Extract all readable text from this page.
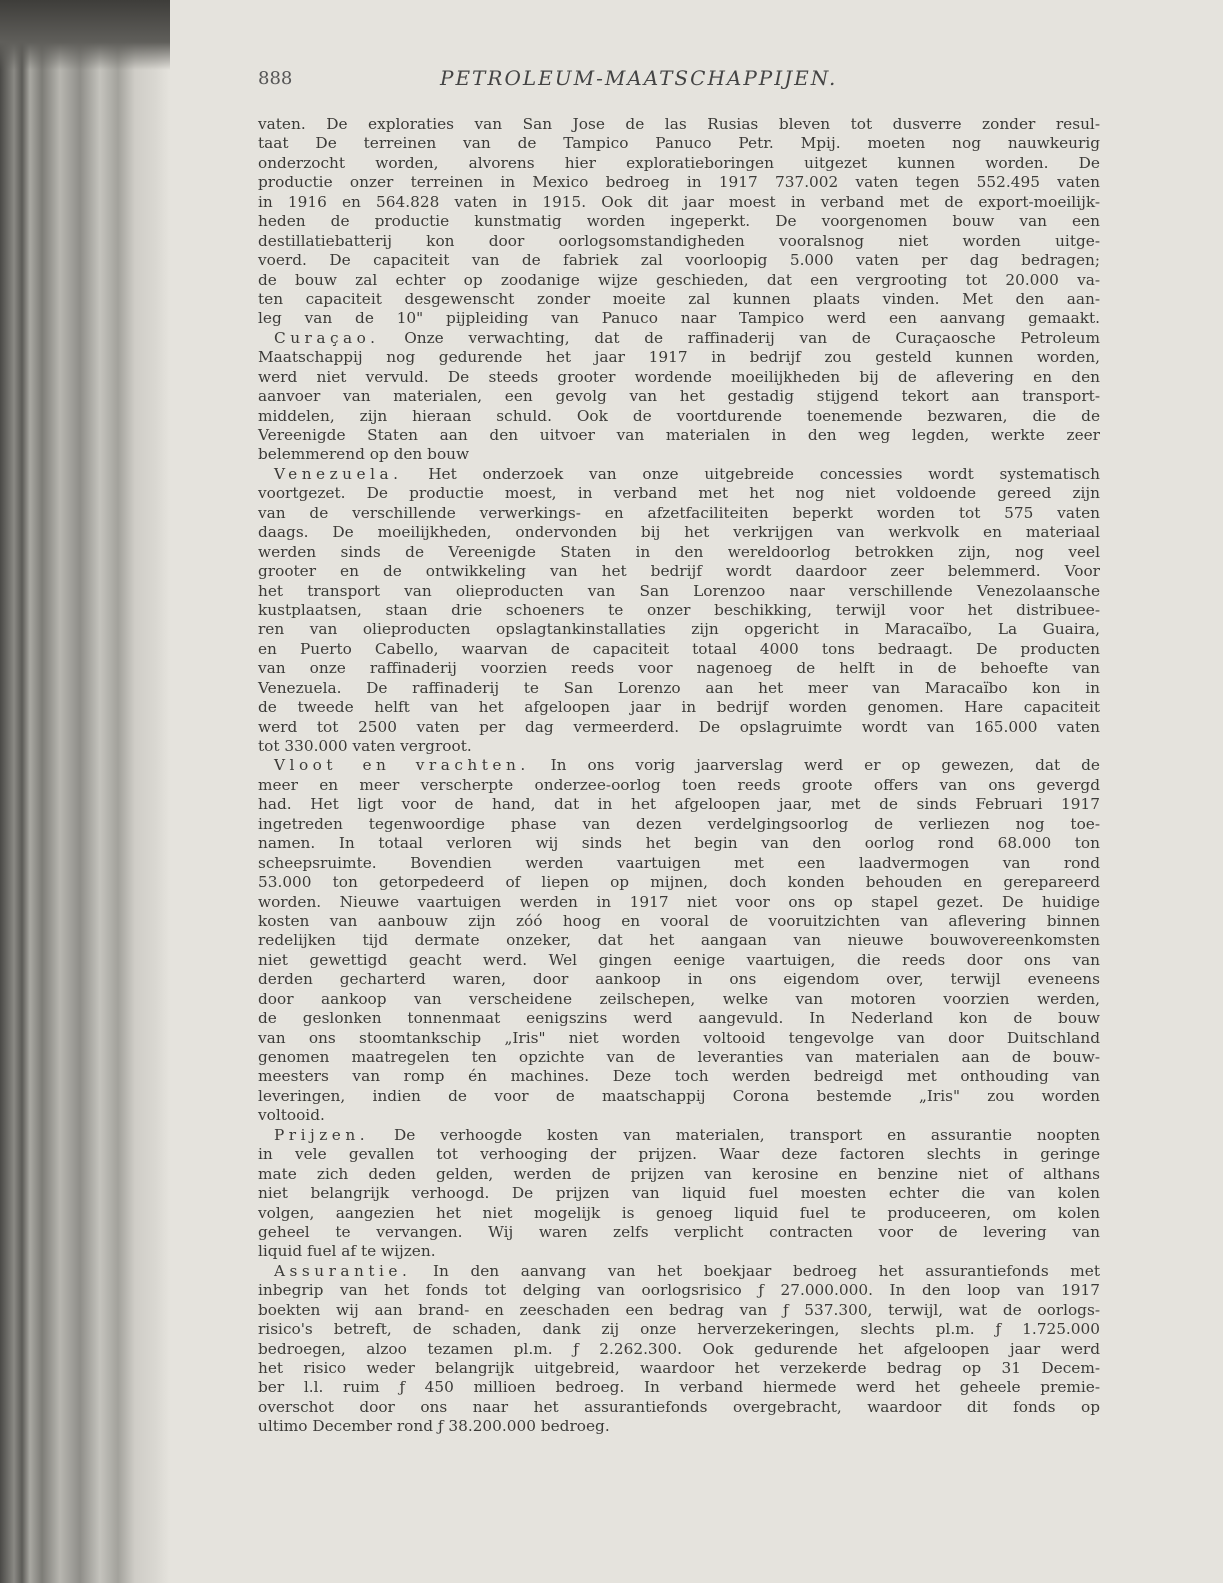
888	PETROLEUM-MAATSCHAPPIJEN.
vaten. De exploraties van San Jose de las Rusias bleven tot dusverre zonder resul-
taat De terreinen van de Tampico Panuco Petr. Mpij. moeten nog nauwkeurig
onderzocht worden, alvorens hier exploratieboringen uitgezet kunnen worden. De
productie onzer terreinen in Mexico bedroeg in 1917 737.002 vaten tegen 552.495 vaten
in 1916 en 564.828 vaten in 1915. Ook dit jaar moest in verband met de export-moeilijk-
heden de productie kunstmatig worden ingeperkt. De voorgenomen bouw van een
destillatiebatterij kon door oorlogsomstandigheden vooralsnog niet worden uitge-
voerd. De capaciteit van de fabriek zal voorloopig 5.000 vaten per dag bedragen;
de bouw zal echter op zoodanige wijze geschieden, dat een vergrooting tot 20.000 va-
ten capaciteit desgewenscht zonder moeite zal kunnen plaats vinden. Met den aan-
leg van de 10" pijpleiding van Panuco naar Tampico werd een aanvang gemaakt.
Curaçao. Onze verwachting, dat de raffinaderij van de Curaçaosche Petroleum
Maatschappij nog gedurende het jaar 1917 in bedrijf zou gesteld kunnen worden,
werd niet vervuld. De steeds grooter wordende moeilijkheden bij de aflevering en den
aanvoer van materialen, een gevolg van het gestadig stijgend tekort aan transport-
middelen, zijn hieraan schuld. Ook de voortdurende toenemende bezwaren, die de
Vereenigde Staten aan den uitvoer van materialen in den weg legden, werkte zeer
belemmerend op den bouw
Venezuela. Het onderzoek van onze uitgebreide concessies wordt systematisch
voortgezet. De productie moest, in verband met het nog niet voldoende gereed zijn
van de verschillende verwerkings- en afzetfaciliteiten beperkt worden tot 575 vaten
daags. De moeilijkheden, ondervonden bij het verkrijgen van werkvolk en materiaal
werden sinds de Vereenigde Staten in den wereldoorlog betrokken zijn, nog veel
grooter en de ontwikkeling van het bedrijf wordt daardoor zeer belemmerd. Voor
het transport van olieproducten van San Lorenzoo naar verschillende Venezolaansche
kustplaatsen, staan drie schoeners te onzer beschikking, terwijl voor het distribuee-
ren van olieproducten opslagtankinstallaties zijn opgericht in Maracaïbo, La Guaira,
en Puerto Cabello, waarvan de capaciteit totaal 4000 tons bedraagt. De producten
van onze raffinaderij voorzien reeds voor nagenoeg de helft in de behoefte van
Venezuela. De raffinaderij te San Lorenzo aan het meer van Maracaïbo kon in
de tweede helft van het afgeloopen jaar in bedrijf worden genomen. Hare capaciteit
werd tot 2500 vaten per dag vermeerderd. De opslagruimte wordt van 165.000 vaten
tot 330.000 vaten vergroot.
Vloot en vrachten. In ons vorig jaarverslag werd er op gewezen, dat de
meer en meer verscherpte onderzee-oorlog toen reeds groote offers van ons gevergd
had. Het ligt voor de hand, dat in het afgeloopen jaar, met de sinds Februari 1917
ingetreden tegenwoordige phase van dezen verdelgingsoorlog de verliezen nog toe-
namen. In totaal verloren wij sinds het begin van den oorlog rond 68.000 ton
scheepsruimte. Bovendien werden vaartuigen met een laadvermogen van rond
53.000 ton getorpedeerd of liepen op mijnen, doch konden behouden en gerepareerd
worden. Nieuwe vaartuigen werden in 1917 niet voor ons op stapel gezet. De huidige
kosten van aanbouw zijn zóó hoog en vooral de vooruitzichten van aflevering binnen
redelijken tijd dermate onzeker, dat het aangaan van nieuwe bouwovereenkomsten
niet gewettigd geacht werd. Wel gingen eenige vaartuigen, die reeds door ons van
derden gecharterd waren, door aankoop in ons eigendom over, terwijl eveneens
door aankoop van verscheidene zeilschepen, welke van motoren voorzien werden,
de geslonken tonnenmaat eenigszins werd aangevuld. In Nederland kon de bouw
van ons stoomtankschip „Iris" niet worden voltooid tengevolge van door Duitschland
genomen maatregelen ten opzichte van de leveranties van materialen aan de bouw-
meesters van romp én machines. Deze toch werden bedreigd met onthouding van
leveringen, indien de voor de maatschappij Corona bestemde „Iris" zou worden
voltooid.
Prijzen. De verhoogde kosten van materialen, transport en assurantie noopten
in vele gevallen tot verhooging der prijzen. Waar deze factoren slechts in geringe
mate zich deden gelden, werden de prijzen van kerosine en benzine niet of althans
niet belangrijk verhoogd. De prijzen van liquid fuel moesten echter die van kolen
volgen, aangezien het niet mogelijk is genoeg liquid fuel te produceeren, om kolen
geheel te vervangen. Wij waren zelfs verplicht contracten voor de levering van
liquid fuel af te wijzen.
Assurantie. In den aanvang van het boekjaar bedroeg het assurantiefonds met
inbegrip van het fonds tot delging van oorlogsrisico ƒ 27.000.000. In den loop van 1917
boekten wij aan brand- en zeeschaden een bedrag van ƒ 537.300, terwijl, wat de oorlogs-
risico's betreft, de schaden, dank zij onze herverzekeringen, slechts pl.m. ƒ 1.725.000
bedroegen, alzoo tezamen pl.m. ƒ 2.262.300. Ook gedurende het afgeloopen jaar werd
het risico weder belangrijk uitgebreid, waardoor het verzekerde bedrag op 31 Decem-
ber l.l. ruim ƒ 450 millioen bedroeg. In verband hiermede werd het geheele premie-
overschot door ons naar het assurantiefonds overgebracht, waardoor dit fonds op
ultimo December rond ƒ 38.200.000 bedroeg.
